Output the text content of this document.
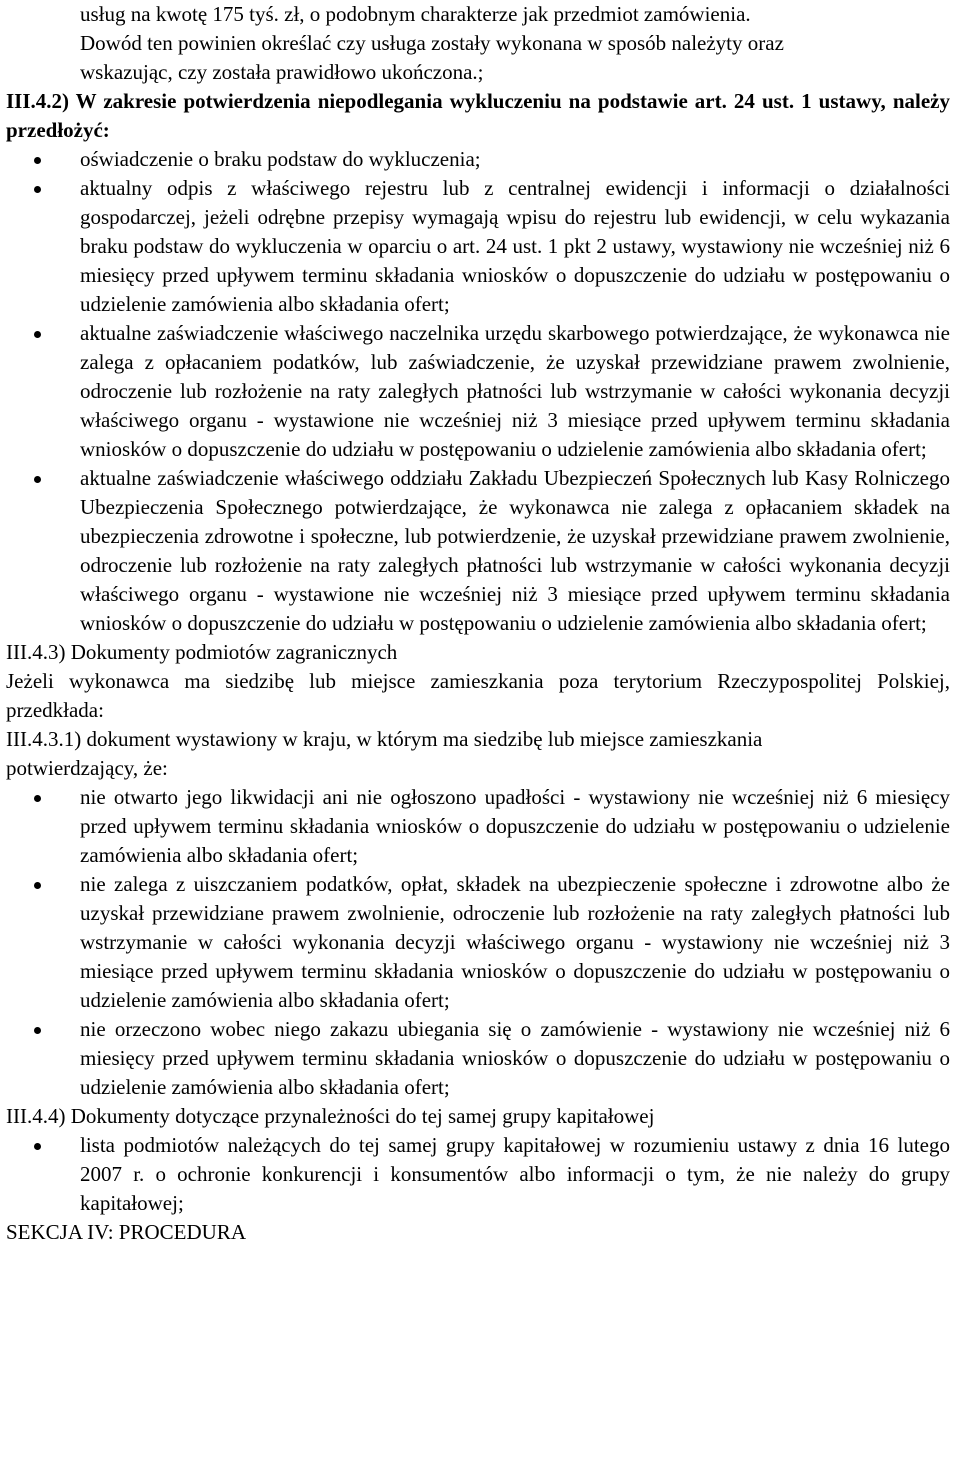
usług na kwotę 175 tyś. zł, o podobnym charakterze jak przedmiot zamówienia.

Dowód ten powinien określać czy usługa zostały wykonana w sposób należyty oraz

wskazując, czy została prawidłowo ukończona.;

III.4.2) W zakresie potwierdzenia niepodlegania wykluczeniu na podstawie art. 24 ust. 1 ustawy, należy przedłożyć:

oświadczenie o braku podstaw do wykluczenia;
aktualny odpis z właściwego rejestru lub z centralnej ewidencji i informacji o działalności gospodarczej, jeżeli odrębne przepisy wymagają wpisu do rejestru lub ewidencji, w celu wykazania braku podstaw do wykluczenia w oparciu o art. 24 ust. 1 pkt 2 ustawy, wystawiony nie wcześniej niż 6 miesięcy przed upływem terminu składania wniosków o dopuszczenie do udziału w postępowaniu o udzielenie zamówienia albo składania ofert;
aktualne zaświadczenie właściwego naczelnika urzędu skarbowego potwierdzające, że wykonawca nie zalega z opłacaniem podatków, lub zaświadczenie, że uzyskał przewidziane prawem zwolnienie, odroczenie lub rozłożenie na raty zaległych płatności lub wstrzymanie w całości wykonania decyzji właściwego organu - wystawione nie wcześniej niż 3 miesiące przed upływem terminu składania wniosków o dopuszczenie do udziału w postępowaniu o udzielenie zamówienia albo składania ofert;
aktualne zaświadczenie właściwego oddziału Zakładu Ubezpieczeń Społecznych lub Kasy Rolniczego Ubezpieczenia Społecznego potwierdzające, że wykonawca nie zalega z opłacaniem składek na ubezpieczenia zdrowotne i społeczne, lub potwierdzenie, że uzyskał przewidziane prawem zwolnienie, odroczenie lub rozłożenie na raty zaległych płatności lub wstrzymanie w całości wykonania decyzji właściwego organu - wystawione nie wcześniej niż 3 miesiące przed upływem terminu składania wniosków o dopuszczenie do udziału w postępowaniu o udzielenie zamówienia albo składania ofert;

III.4.3) Dokumenty podmiotów zagranicznych

Jeżeli wykonawca ma siedzibę lub miejsce zamieszkania poza terytorium Rzeczypospolitej Polskiej, przedkłada:

III.4.3.1) dokument wystawiony w kraju, w którym ma siedzibę lub miejsce zamieszkania

potwierdzający, że:

nie otwarto jego likwidacji ani nie ogłoszono upadłości - wystawiony nie wcześniej niż 6 miesięcy przed upływem terminu składania wniosków o dopuszczenie do udziału w postępowaniu o udzielenie zamówienia albo składania ofert;
nie zalega z uiszczaniem podatków, opłat, składek na ubezpieczenie społeczne i zdrowotne albo że uzyskał przewidziane prawem zwolnienie, odroczenie lub rozłożenie na raty zaległych płatności lub wstrzymanie w całości wykonania decyzji właściwego organu - wystawiony nie wcześniej niż 3 miesiące przed upływem terminu składania wniosków o dopuszczenie do udziału w postępowaniu o udzielenie zamówienia albo składania ofert;
nie orzeczono wobec niego zakazu ubiegania się o zamówienie - wystawiony nie wcześniej niż 6 miesięcy przed upływem terminu składania wniosków o dopuszczenie do udziału w postępowaniu o udzielenie zamówienia albo składania ofert;

III.4.4) Dokumenty dotyczące przynależności do tej samej grupy kapitałowej

lista podmiotów należących do tej samej grupy kapitałowej w rozumieniu ustawy z dnia 16 lutego 2007 r. o ochronie konkurencji i konsumentów albo informacji o tym, że nie należy do grupy kapitałowej;

SEKCJA IV: PROCEDURA
